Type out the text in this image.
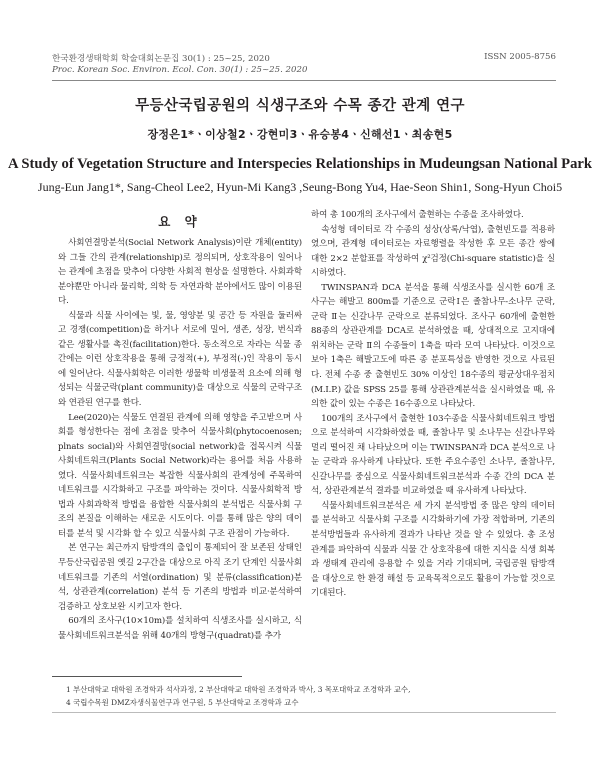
한국환경생태학회 학술대회논문집 30(1) : 25~25, 2020
Proc. Korean Soc. Environ. Ecol. Con. 30(1) : 25~25. 2020
ISSN 2005-8756
무등산국립공원의 식생구조와 수목 종간 관계 연구
장정은1*ㆍ이상철2ㆍ강현미3ㆍ유승봉4ㆍ신해선1ㆍ최송현5
A Study of Vegetation Structure and Interspecies Relationships in Mudeungsan National Park
Jung-Eun Jang1*, Sang-Cheol Lee2, Hyun-Mi Kang3 ,Seung-Bong Yu4, Hae-Seon Shin1, Song-Hyun Choi5
요 약

사회연결망분석(Social Network Analysis)이란 개체(entity)와 그들 간의 관계(relationship)로 정의되며, 상호작용이 일어나는 관계에 초점을 맞추어 다양한 사회적 현상을 설명한다. 사회과학 분야뿐만 아니라 물리학, 의학 등 자연과학 분야에서도 많이 이용된다.

식물과 식물 사이에는 빛, 물, 영양분 및 공간 등 자원을 둘러싸고 경쟁(competition)을 하거나 서로에 밀어, 생존, 성장, 번식과 같은 생활사를 촉진(facilitation)한다. 동소적으로 자라는 식물 종간에는 이런 상호작용을 통해 긍정적(+), 부정적(-)인 작용이 동시에 일어난다. 식물사회학은 이러한 생물학 비생물적 요소에 의해 형성되는 식물군락(plant community)을 대상으로 식물의 군락구조와 연관된 연구를 한다.

Lee(2020)는 식물도 연결된 관계에 의해 영향을 주고받으며 사회를 형성한다는 점에 초점을 맞추어 식물사회(phytocoenosen; plnats social)와 사회연결망(social network)을 접목시켜 식물사회네트워크(Plants Social Network)라는 용어를 처음 사용하였다. 식물사회네트워크는 복잡한 식물사회의 관계성에 주목하여 네트워크를 시각화하고 구조를 파악하는 것이다. 식물사회학적 방법과 사회과학적 방법을 융합한 식물사회의 분석법은 식물사회 구조의 본질을 이해하는 새로운 시도이다. 이를 통해 많은 양의 데이터를 분석 및 시각화 할 수 있고 식물사회 구조 관점이 가능하다.

본 연구는 최근까지 탐방객의 출입이 통제되어 잘 보존된 상태인 무등산국립공원 옛길 2구간을 대상으로 아직 조기 단계인 식물사회네트워크를 기존의 서열(ordination) 및 분류(classification)분석, 상관관계(correlation) 분석 등 기존의 방법과 비교·분석하여 검증하고 상호보완 시키고자 한다.

60개의 조사구(10×10m)를 설치하여 식생조사를 실시하고, 식물사회네트워크분석을 위해 40개의 방형구(quadrat)를 추가

하여 총 100개의 조사구에서 출현하는 수종을 조사하였다.

속성형 데이터로 각 수종의 성상(상록/낙엽), 출현빈도를 적용하였으며, 관계형 데이터로는 자료행렬을 작성한 후 모든 종간 쌍에 대한 2×2 분할표를 작성하여 χ²검정(Chi-square statistic)을 실시하였다.

TWINSPAN과 DCA 분석을 통해 식생조사를 실시한 60개 조사구는 해발고 800m를 기준으로 군락Ⅰ은 졸참나무-소나무 군락, 군락 Ⅱ는 신갈나무 군락으로 분류되었다. 조사구 60개에 출현한 88종의 상관관계를 DCA로 분석하였을 때, 상대적으로 고지대에 위치하는 군락 Ⅱ의 수종들이 1축을 따라 모여 나타났다. 이것으로 보아 1축은 해발고도에 따른 종 분포특성을 반영한 것으로 사료된다. 전체 수종 중 출현빈도 30% 이상인 18수종의 평균상대우점치(M.I.P.) 값을 SPSS 25를 통해 상관관계분석을 실시하였을 때, 유의한 값이 있는 수종은 16수종으로 나타났다.

100개의 조사구에서 출현한 103수종을 식물사회네트워크 방법으로 분석하여 시각화하였을 때, 졸참나무 및 소나무는 신갈나무와 멀리 떨어진 채 나타났으며 이는 TWINSPAN과 DCA 분석으로 나눈 군락과 유사하게 나타났다. 또한 주요수종인 소나무, 졸참나무, 신갈나무를 중심으로 식물사회네트워크분석과 수종 간의 DCA 분석, 상관관계분석 결과를 비교하였을 때 유사하게 나타났다.

식물사회네트워크분석은 세 가지 분석방법 중 많은 양의 데이터를 분석하고 식물사회 구조를 시각화하기에 가장 적합하며, 기존의 분석방법들과 유사하게 결과가 나타난 것을 알 수 있었다. 총 조성 관계를 파악하여 식물과 식물 간 상호작용에 대한 지식을 식생 회복과 생태계 관리에 응용할 수 있을 거라 기대되며, 국립공원 탐방객을 대상으로 한 환경 해설 등 교육목적으로도 활용이 가능할 것으로 기대된다.

1 부산대학교 대학원 조경학과 석사과정, 2 부산대학교 대학원 조경학과 박사, 3 목포대학교 조경학과 교수,
4 국립수목원 DMZ자생식물연구과 연구원, 5 부산대학교 조경학과 교수
